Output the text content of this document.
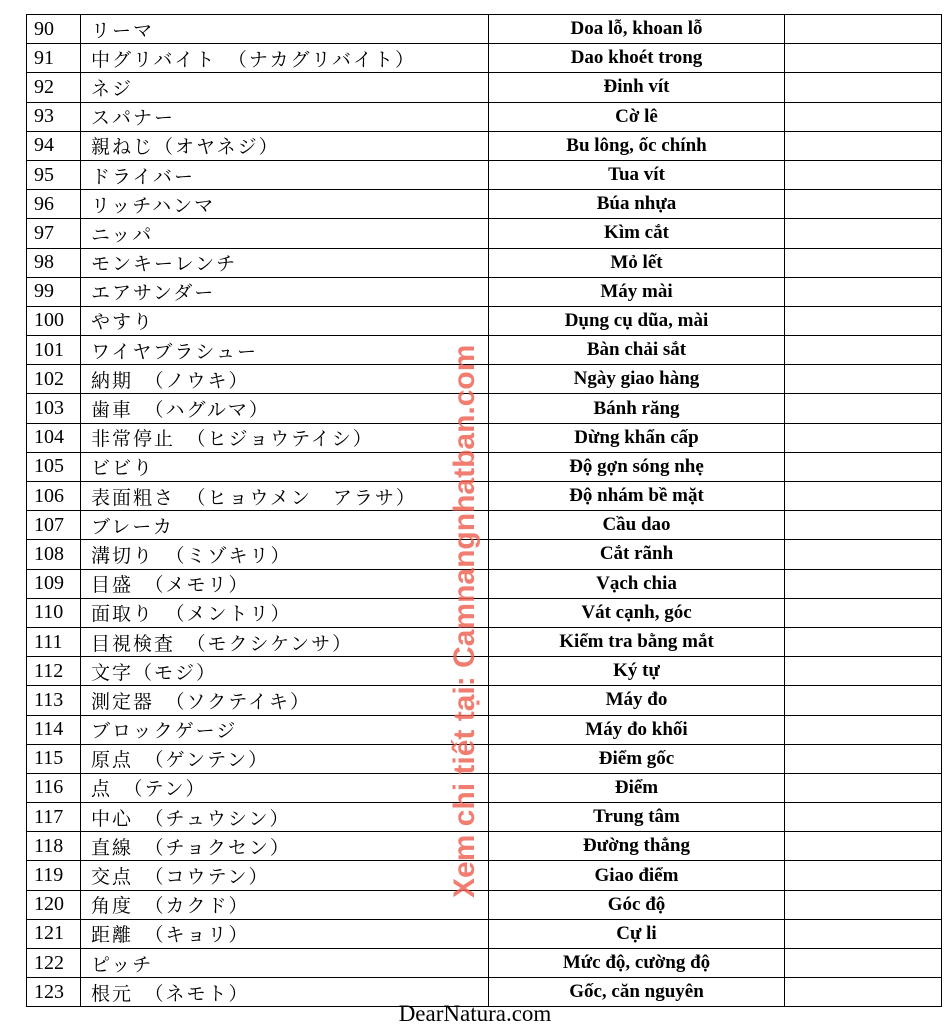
90	リーマ	Doa lỗ, khoan lỗ	
91	中グリバイト　（ナカグリバイト）	Dao khoét trong	
92	ネジ	Đinh vít	
93	スパナー	Cờ lê	
94	親ねじ（オヤネジ）	Bu lông, ốc chính	
95	ドライバー	Tua vít	
96	リッチハンマ	Búa nhựa	
97	ニッパ	Kìm cắt	
98	モンキーレンチ	Mỏ lết	
99	エアサンダー	Máy mài	
100	やすり	Dụng cụ dũa, mài	
101	ワイヤブラシュー	Bàn chải sắt	
102	納期　（ノウキ）	Ngày giao hàng	
103	歯車　（ハグルマ）	Bánh răng	
104	非常停止　（ヒジョウテイシ）	Dừng khẩn cấp	
105	ビビり	Độ gợn sóng nhẹ	
106	表面粗さ　（ヒョウメン　アラサ）	Độ nhám bề mặt	
107	ブレーカ	Cầu dao	
108	溝切り　（ミゾキリ）	Cắt rãnh	
109	目盛　（メモリ）	Vạch chia	
110	面取り　（メントリ）	Vát cạnh, góc	
111	目視検査　（モクシケンサ）	Kiểm tra bằng mắt	
112	文字（モジ）	Ký tự	
113	測定器　（ソクテイキ）	Máy đo	
114	ブロックゲージ	Máy đo khối	
115	原点　（ゲンテン）	Điểm gốc	
116	点　（テン）	Điểm	
117	中心　（チュウシン）	Trung tâm	
118	直線　（チョクセン）	Đường thẳng	
119	交点　（コウテン）	Giao điểm	
120	角度　（カクド）	Góc độ	
121	距離　（キョリ）	Cự li	
122	ピッチ	Mức độ, cường độ	
123	根元　（ネモト）	Gốc, căn nguyên	
Xem chi tiết tại: Camnangnhatban.com
DearNatura.com
